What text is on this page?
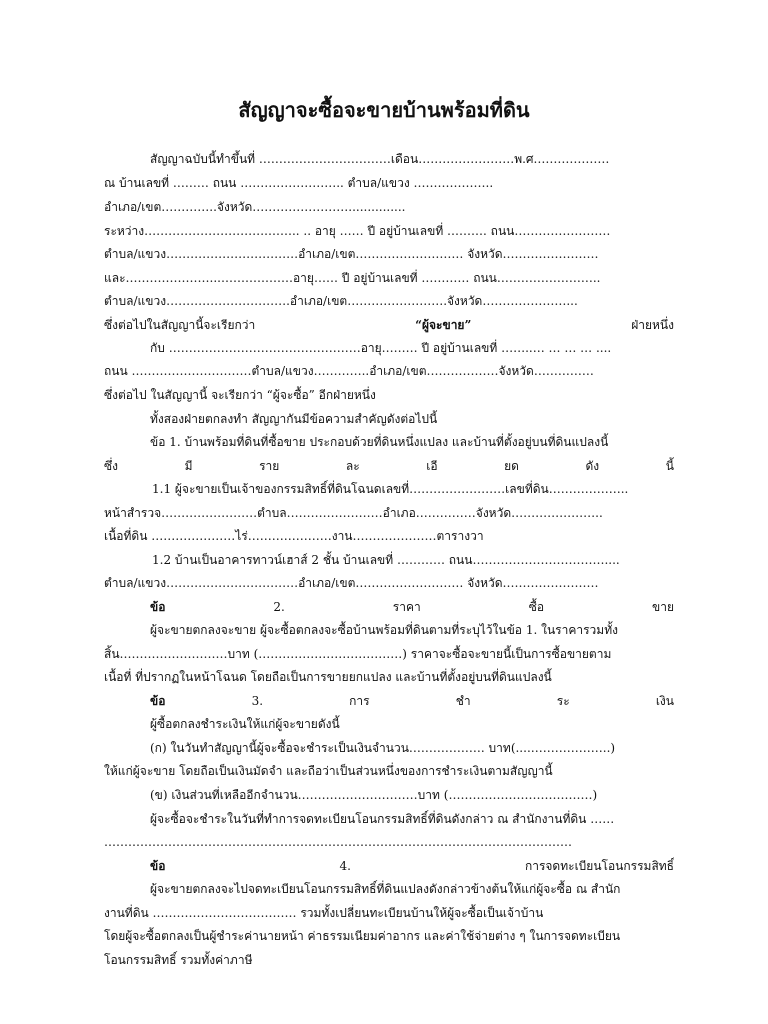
สัญญาจะซื้อจะขายบ้านพร้อมที่ดิน
สัญญาฉบับนี้ทำขึ้นที่ ……………………………เดือน……………………พ.ศ.………………
ณ บ้านเลขที่ ……… ถนน …………………….. ตำบล/แขวง ………………..
อำเภอ/เขต…………..จังหวัด……………………...............
ระหว่าง………………………….…….. .. อายุ …… ปี อยู่บ้านเลขที่ ………. ถนน……………………
ตำบล/แขวง……………………………อำเภอ/เขต……………………… จังหวัด……………………
และ…………………...………………อายุ…… ปี อยู่บ้านเลขที่ ………… ถนน……………………..
ตำบล/แขวง………………………….อำเภอ/เขต…………………….จังหวัด…………………...
ซึ่งต่อไปในสัญญานี้จะเรียกว่า	“ผู้จะขาย”	ฝ่ายหนึ่ง
กับ …………………………………………อายุ……… ปี อยู่บ้านเลขที่ ……..… … … … ....
ถนน …………………………ตำบล/แขวง…………..อำเภอ/เขต………………จังหวัด……………
ซึ่งต่อไป ในสัญญานี้ จะเรียกว่า “ผู้จะซื้อ” อีกฝ่ายหนึ่ง
ทั้งสองฝ่ายตกลงทำ สัญญากันมีข้อความสำคัญดังต่อไปนี้
ข้อ 1. บ้านพร้อมที่ดินที่ซื้อขาย ประกอบด้วยที่ดินหนึ่งแปลง และบ้านที่ตั้งอยู่บนที่ดินแปลงนี้
ซึ่ง	มี	ราย	ละ	เอี	ยด	ดัง	นี้
1.1 ผู้จะขายเป็นเจ้าของกรรมสิทธิ์ที่ดินโฉนดเลขที่……………………เลขที่ดิน………………..
หน้าสำรวจ……………………ตำบล……………………อำเภอ……………จังหวัด…………………..
เนื้อที่ดิน …………………ไร่…………………งาน…………………ตารางวา
1.2 บ้านเป็นอาคารทาวน์เฮาส์ 2 ชั้น บ้านเลขที่ ………… ถนน……………………………....
ตำบล/แขวง……………………………อำเภอ/เขต……………………… จังหวัด……………………
ข้อ	2.	ราคา	ซื้อ	ขาย
ผู้จะขายตกลงจะขาย ผู้จะซื้อตกลงจะซื้อบ้านพร้อมที่ดินตามที่ระบุไว้ในข้อ 1. ในราคารวมทั้ง
สิ้น………………………บาท (………………………………) ราคาจะซื้อจะขายนี้เป็นการซื้อขายตาม
เนื้อที่ ที่ปรากฏในหน้าโฉนด โดยถือเป็นการขายยกแปลง และบ้านที่ตั้งอยู่บนที่ดินแปลงนี้
ข้อ	3.	การ	ชำ	ระ	เงิน
ผู้ซื้อตกลงชำระเงินให้แก่ผู้จะขายดังนี้
(ก) ในวันทำสัญญานี้ผู้จะซื้อจะชำระเป็นเงินจำนวน………………. บาท(....………………..)
ให้แก่ผู้จะขาย โดยถือเป็นเงินมัดจำ และถือว่าเป็นส่วนหนึ่งของการชำระเงินตามสัญญานี้
(ข) เงินส่วนที่เหลืออีกจำนวน…………………………บาท (………………………………)
ผู้จะซื้อจะชำระในวันที่ทำการจดทะเบียนโอนกรรมสิทธิ์ที่ดินดังกล่าว ณ สำนักงานที่ดิน ……
………………………………………………………………………………………………………
ข้อ	4.	การจดทะเบียนโอนกรรมสิทธิ์
ผู้จะขายตกลงจะไปจดทะเบียนโอนกรรมสิทธิ์ที่ดินแปลงดังกล่าวข้างต้นให้แก่ผู้จะซื้อ ณ สำนัก
งานที่ดิน ……………………………… รวมทั้งเปลี่ยนทะเบียนบ้านให้ผู้จะซื้อเป็นเจ้าบ้าน
โดยผู้จะซื้อตกลงเป็นผู้ชำระค่านายหน้า ค่าธรรมเนียมค่าอากร และค่าใช้จ่ายต่าง ๆ ในการจดทะเบียน
โอนกรรมสิทธิ์ รวมทั้งค่าภาษี
